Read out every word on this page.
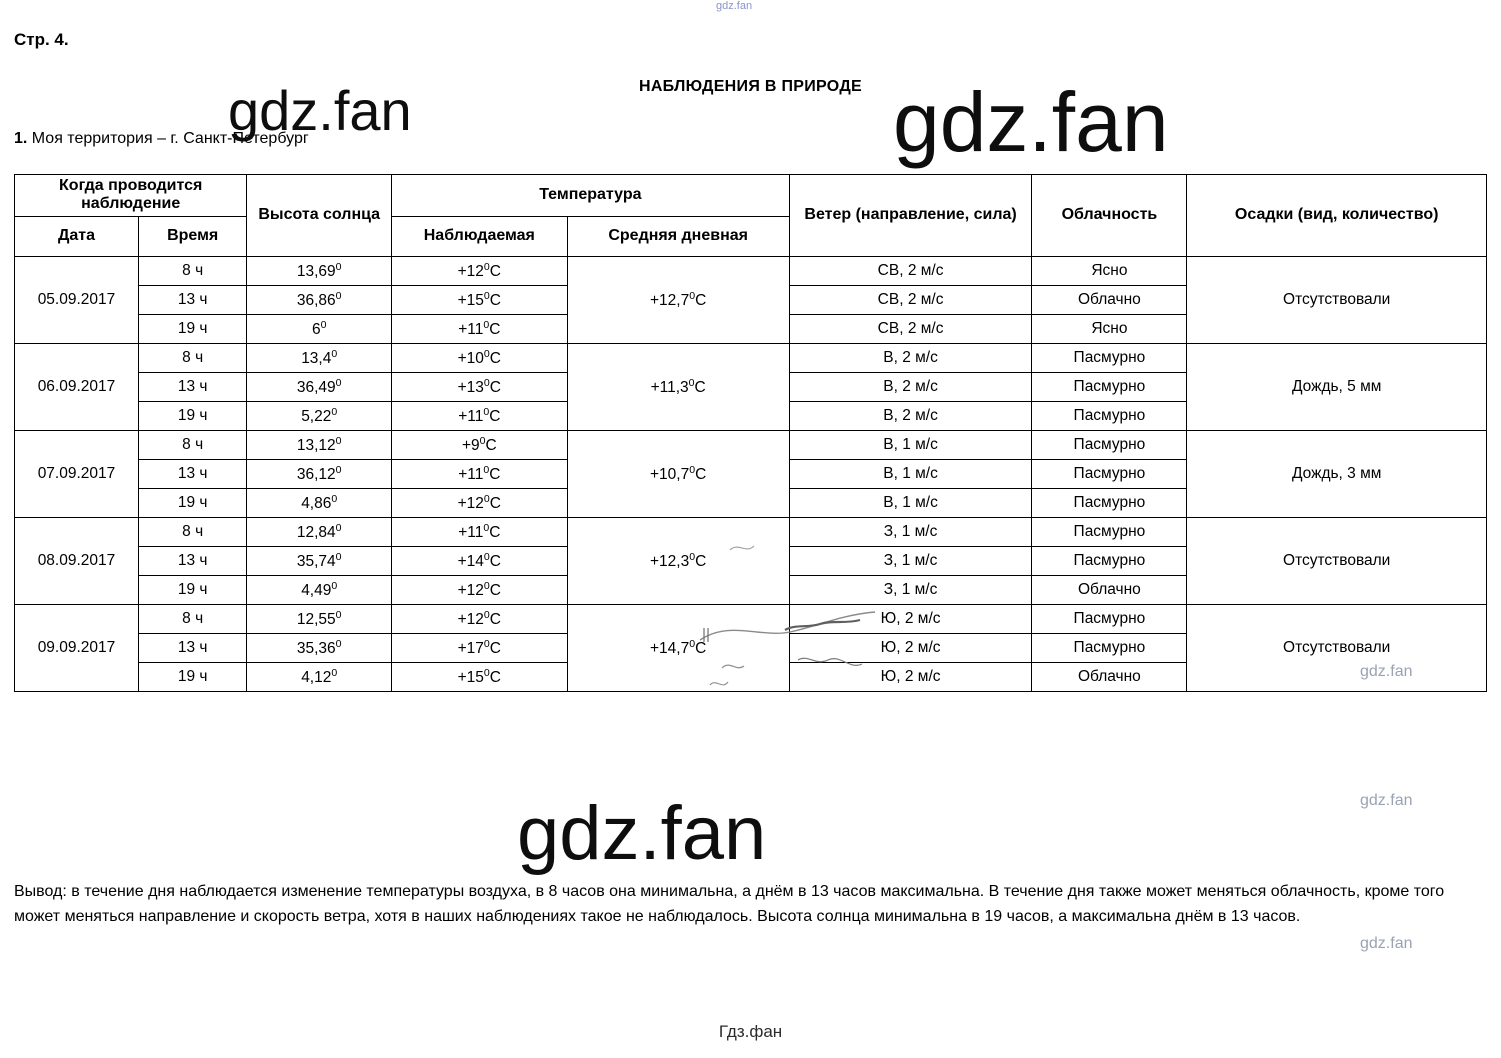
gdz.fan
Стр. 4.
НАБЛЮДЕНИЯ В ПРИРОДЕ
1. Моя территория – г. Санкт-Петербург
Когда проводится наблюдение		Высота солнца	Температура		Ветер (направление, сила)	Облачность	Осадки (вид, количество)
Дата	Время		Наблюдаемая	Средняя дневная			
05.09.2017	8 ч	$13,69^0$	$+12^0С$	$+12,7^0С$	СВ, 2 м/с	Ясно	Отсутствовали
	13 ч	$36,86^0$	$+15^0С$		СВ, 2 м/с	Облачно	
	19 ч	$6^0$	$+11^0С$		СВ, 2 м/с	Ясно	
06.09.2017	8 ч	$13,4^0$	$+10^0С$	$+11,3^0С$	В, 2 м/с	Пасмурно	Дождь, 5 мм
	13 ч	$36,49^0$	$+13^0С$		В, 2 м/с	Пасмурно	
	19 ч	$5,22^0$	$+11^0С$		В, 2 м/с	Пасмурно	
07.09.2017	8 ч	$13,12^0$	$+9^0С$	$+10,7^0С$	В, 1 м/с	Пасмурно	Дождь, 3 мм
	13 ч	$36,12^0$	$+11^0С$		В, 1 м/с	Пасмурно	
	19 ч	$4,86^0$	$+12^0С$		В, 1 м/с	Пасмурно	
08.09.2017	8 ч	$12,84^0$	$+11^0С$	$+12,3^0С$	З, 1 м/с	Пасмурно	Отсутствовали
	13 ч	$35,74^0$	$+14^0С$		З, 1 м/с	Пасмурно	
	19 ч	$4,49^0$	$+12^0С$		З, 1 м/с	Облачно	
09.09.2017	8 ч	$12,55^0$	$+12^0С$	$+14,7^0С$	Ю, 2 м/с	Пасмурно	Отсутствовали
	13 ч	$35,36^0$	$+17^0С$		Ю, 2 м/с	Пасмурно	
	19 ч	$4,12^0$	$+15^0С$		Ю, 2 м/с	Облачно	
Вывод: в течение дня наблюдается изменение температуры воздуха, в 8 часов она минимальна, а днём в 13 часов максимальна. В течение дня также может меняться облачность, кроме того может меняться направление и скорость ветра, хотя в наших наблюдениях такое не наблюдалось. Высота солнца минимальна в 19 часов, а максимальна днём в 13 часов.
Гдз.фан
gdz.fan	gdz.fan
gdz.fan
gdz.fan
gdz.fan
gdz.fan
